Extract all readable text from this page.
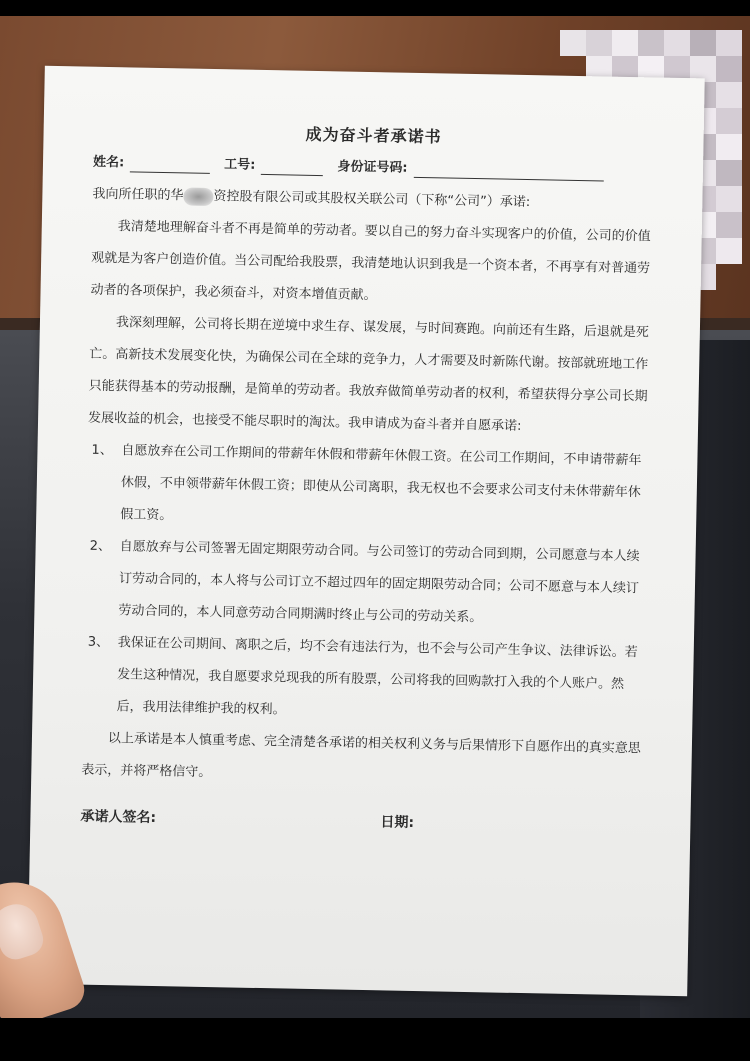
成为奋斗者承诺书
姓名:	工号:	身份证号码:

我向所任职的华 资控股有限公司或其股权关联公司（下称“公司”）承诺:

我清楚地理解奋斗者不再是简单的劳动者。要以自己的努力奋斗实现客户的价值，公司的价值观就是为客户创造价值。当公司配给我股票，我清楚地认识到我是一个资本者，不再享有对普通劳动者的各项保护，我必须奋斗，对资本增值贡献。

我深刻理解，公司将长期在逆境中求生存、谋发展，与时间赛跑。向前还有生路，后退就是死亡。高新技术发展变化快，为确保公司在全球的竞争力，人才需要及时新陈代谢。按部就班地工作只能获得基本的劳动报酬，是简单的劳动者。我放弃做简单劳动者的权利，希望获得分享公司长期发展收益的机会，也接受不能尽职时的淘汰。我申请成为奋斗者并自愿承诺:

1、 自愿放弃在公司工作期间的带薪年休假和带薪年休假工资。在公司工作期间，不申请带薪年休假，不申领带薪年休假工资；即使从公司离职，我无权也不会要求公司支付未休带薪年休假工资。
2、 自愿放弃与公司签署无固定期限劳动合同。与公司签订的劳动合同到期，公司愿意与本人续订劳动合同的，本人将与公司订立不超过四年的固定期限劳动合同；公司不愿意与本人续订劳动合同的，本人同意劳动合同期满时终止与公司的劳动关系。
3、 我保证在公司期间、离职之后，均不会有违法行为，也不会与公司产生争议、法律诉讼。若发生这种情况，我自愿要求兑现我的所有股票，公司将我的回购款打入我的个人账户。然后，我用法律维护我的权利。

以上承诺是本人慎重考虑、完全清楚各承诺的相关权利义务与后果情形下自愿作出的真实意思表示，并将严格信守。

承诺人签名:	日期:
